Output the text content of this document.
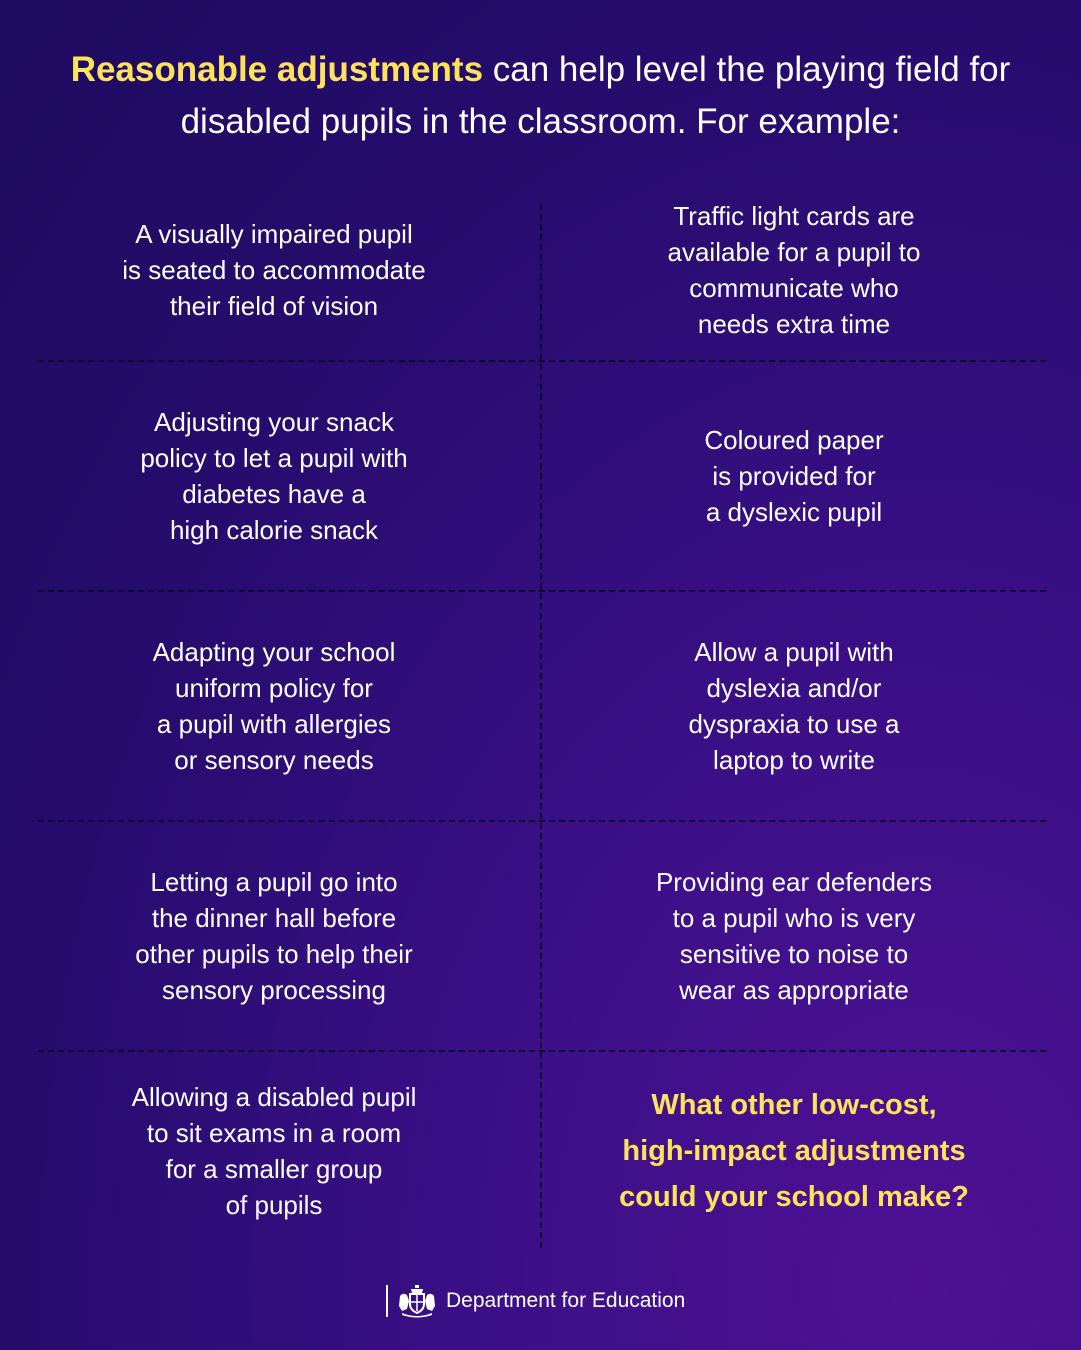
Reasonable adjustments can help level the playing field for disabled pupils in the classroom. For example:
A visually impaired pupil
is seated to accommodate
their field of vision
Traffic light cards are
available for a pupil to
communicate who
needs extra time
Adjusting your snack
policy to let a pupil with
diabetes have a
high calorie snack
Coloured paper
is provided for
a dyslexic pupil
Adapting your school
uniform policy for
a pupil with allergies
or sensory needs
Allow a pupil with
dyslexia and/or
dyspraxia to use a
laptop to write
Letting a pupil go into
the dinner hall before
other pupils to help their
sensory processing
Providing ear defenders
to a pupil who is very
sensitive to noise to
wear as appropriate
Allowing a disabled pupil
to sit exams in a room
for a smaller group
of pupils
What other low-cost,
high-impact adjustments
could your school make?
Department for Education
